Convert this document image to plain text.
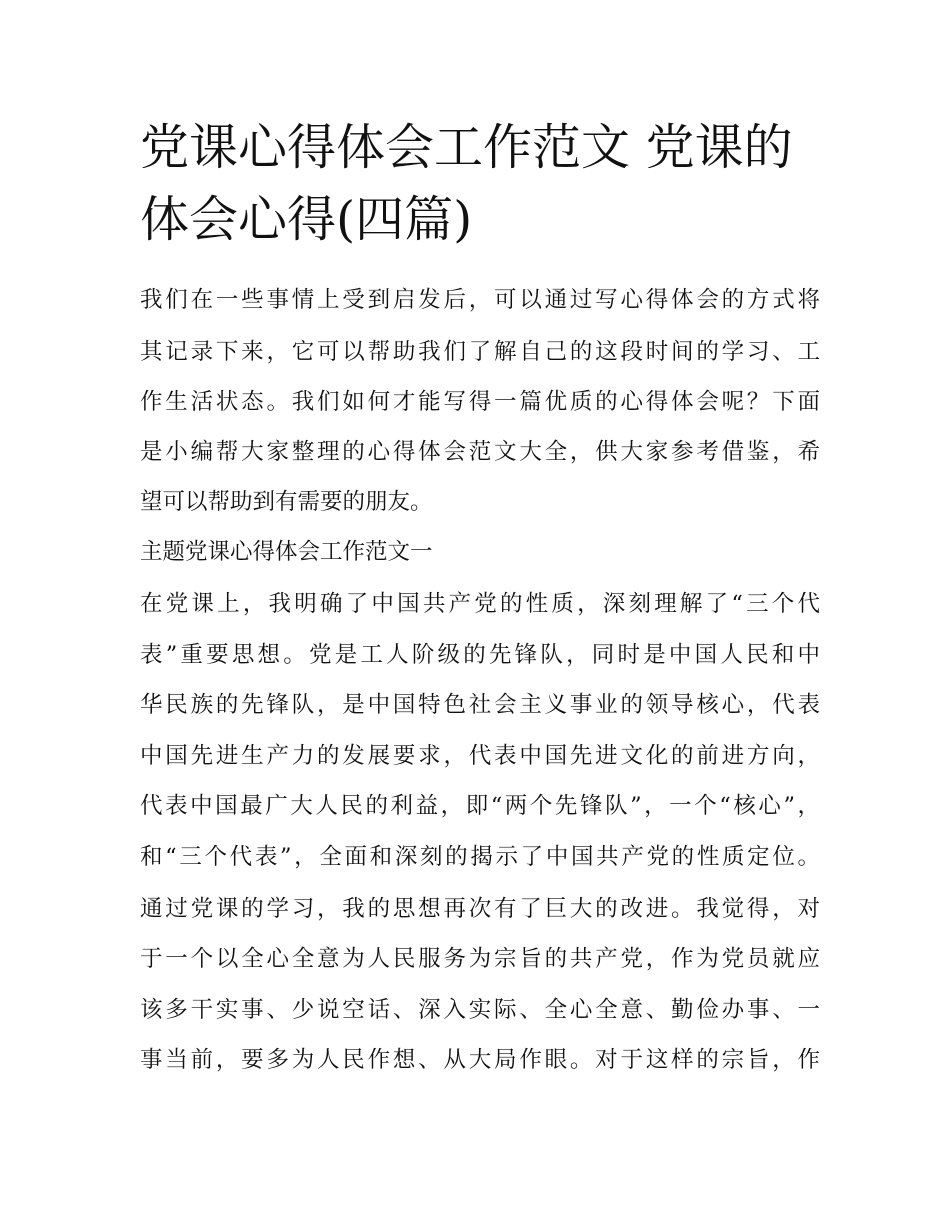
党课心得体会工作范文 党课的
体会心得(四篇)
我们在一些事情上受到启发后，可以通过写心得体会的方式将
其记录下来，它可以帮助我们了解自己的这段时间的学习、工
作生活状态。我们如何才能写得一篇优质的心得体会呢？下面
是小编帮大家整理的心得体会范文大全，供大家参考借鉴，希
望可以帮助到有需要的朋友。
主题党课心得体会工作范文一
在党课上，我明确了中国共产党的性质，深刻理解了“三个代
表”重要思想。党是工人阶级的先锋队，同时是中国人民和中
华民族的先锋队，是中国特色社会主义事业的领导核心，代表
中国先进生产力的发展要求，代表中国先进文化的前进方向，
代表中国最广大人民的利益，即“两个先锋队”，一个“核心”，
和“三个代表”，全面和深刻的揭示了中国共产党的性质定位。
通过党课的学习，我的思想再次有了巨大的改进。我觉得，对
于一个以全心全意为人民服务为宗旨的共产党，作为党员就应
该多干实事、少说空话、深入实际、全心全意、勤俭办事、一
事当前，要多为人民作想、从大局作眼。对于这样的宗旨，作
